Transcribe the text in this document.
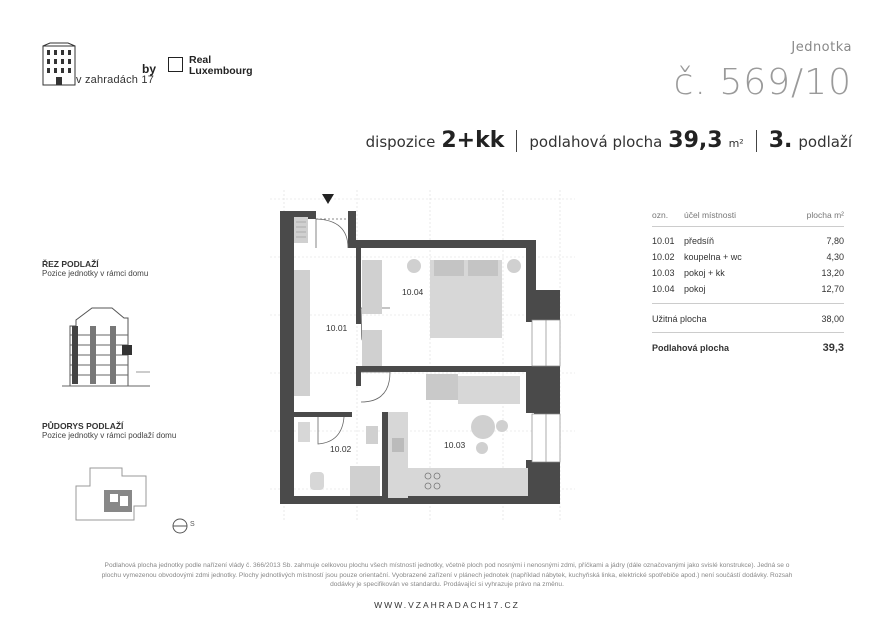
v zahradách 17
by
Real
Luxembourg
Jednotka
č. 569/10
dispozice 2+kk podlahová plocha 39,3 m² 3. podlaží
ozn.	účel místnosti	plocha m²
10.01	předsíň	7,80
10.02	koupelna + wc	4,30
10.03	pokoj + kk	13,20
10.04	pokoj	12,70
Užitná plocha	38,00
Podlahová plocha	39,3
ŘEZ PODLAŽÍ
Pozice jednotky v rámci domu
PŮDORYS PODLAŽÍ
Pozice jednotky v rámci podlaží domu
S
10.01
10.02	10.03
10.04
Podlahová plocha jednotky podle nařízení vlády č. 366/2013 Sb. zahrnuje celkovou plochu všech místností jednotky, včetně ploch pod nosnými i nenosnými zdmi, příčkami a jádry (dále označovanými jako svislé konstrukce). Jedná se o
plochu vymezenou obvodovými zdmi jednotky. Plochy jednotlivých místností jsou pouze orientační. Vyobrazené zařízení v plánech jednotek (například nábytek, kuchyňská linka, elektrické spotřebiče apod.) není součástí dodávky. Rozsah
dodávky je specifikován ve standardu. Prodávající si vyhrazuje právo na změnu.
WWW.VZAHRADACH17.CZ
